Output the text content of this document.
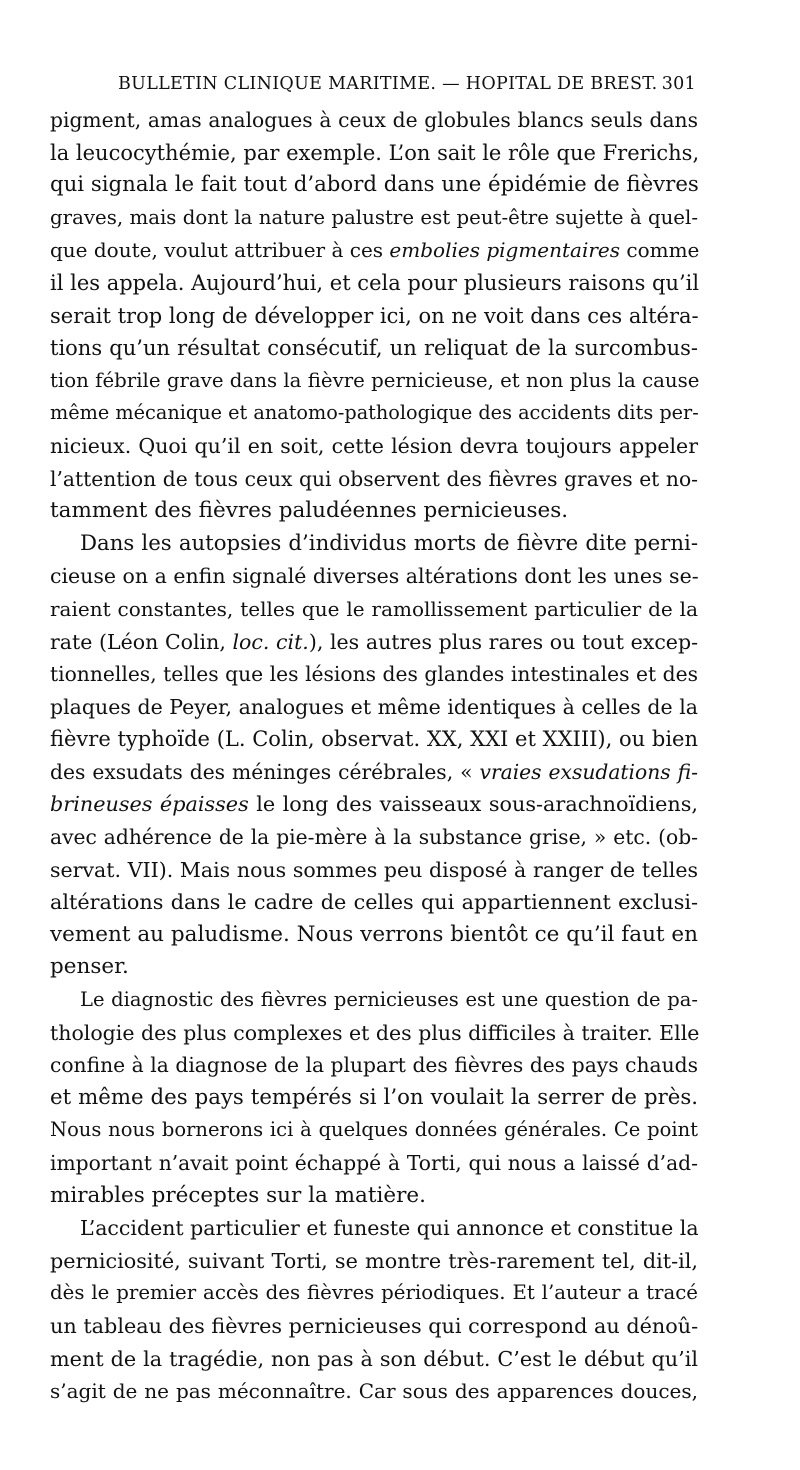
BULLETIN CLINIQUE MARITIME. — HOPITAL DE BREST. 301
pigment, amas analogues à ceux de globules blancs seuls dans
la leucocythémie, par exemple. L’on sait le rôle que Frerichs,
qui signala le fait tout d’abord dans une épidémie de fièvres
graves, mais dont la nature palustre est peut-être sujette à quel-
que doute, voulut attribuer à ces embolies pigmentaires comme
il les appela. Aujourd’hui, et cela pour plusieurs raisons qu’il
serait trop long de développer ici, on ne voit dans ces altéra-
tions qu’un résultat consécutif, un reliquat de la surcombus-
tion fébrile grave dans la fièvre pernicieuse, et non plus la cause
même mécanique et anatomo-pathologique des accidents dits per-
nicieux. Quoi qu’il en soit, cette lésion devra toujours appeler
l’attention de tous ceux qui observent des fièvres graves et no-
tamment des fièvres paludéennes pernicieuses.
Dans les autopsies d’individus morts de fièvre dite perni-
cieuse on a enfin signalé diverses altérations dont les unes se-
raient constantes, telles que le ramollissement particulier de la
rate (Léon Colin, loc. cit.), les autres plus rares ou tout excep-
tionnelles, telles que les lésions des glandes intestinales et des
plaques de Peyer, analogues et même identiques à celles de la
fièvre typhoïde (L. Colin, observat. XX, XXI et XXIII), ou bien
des exsudats des méninges cérébrales, « vraies exsudations fi-
brineuses épaisses le long des vaisseaux sous-arachnoïdiens,
avec adhérence de la pie-mère à la substance grise, » etc. (ob-
servat. VII). Mais nous sommes peu disposé à ranger de telles
altérations dans le cadre de celles qui appartiennent exclusi-
vement au paludisme. Nous verrons bientôt ce qu’il faut en
penser.
Le diagnostic des fièvres pernicieuses est une question de pa-
thologie des plus complexes et des plus difficiles à traiter. Elle
confine à la diagnose de la plupart des fièvres des pays chauds
et même des pays tempérés si l’on voulait la serrer de près.
Nous nous bornerons ici à quelques données générales. Ce point
important n’avait point échappé à Torti, qui nous a laissé d’ad-
mirables préceptes sur la matière.
L’accident particulier et funeste qui annonce et constitue la
perniciosité, suivant Torti, se montre très-rarement tel, dit-il,
dès le premier accès des fièvres périodiques. Et l’auteur a tracé
un tableau des fièvres pernicieuses qui correspond au dénoû-
ment de la tragédie, non pas à son début. C’est le début qu’il
s’agit de ne pas méconnaître. Car sous des apparences douces,
